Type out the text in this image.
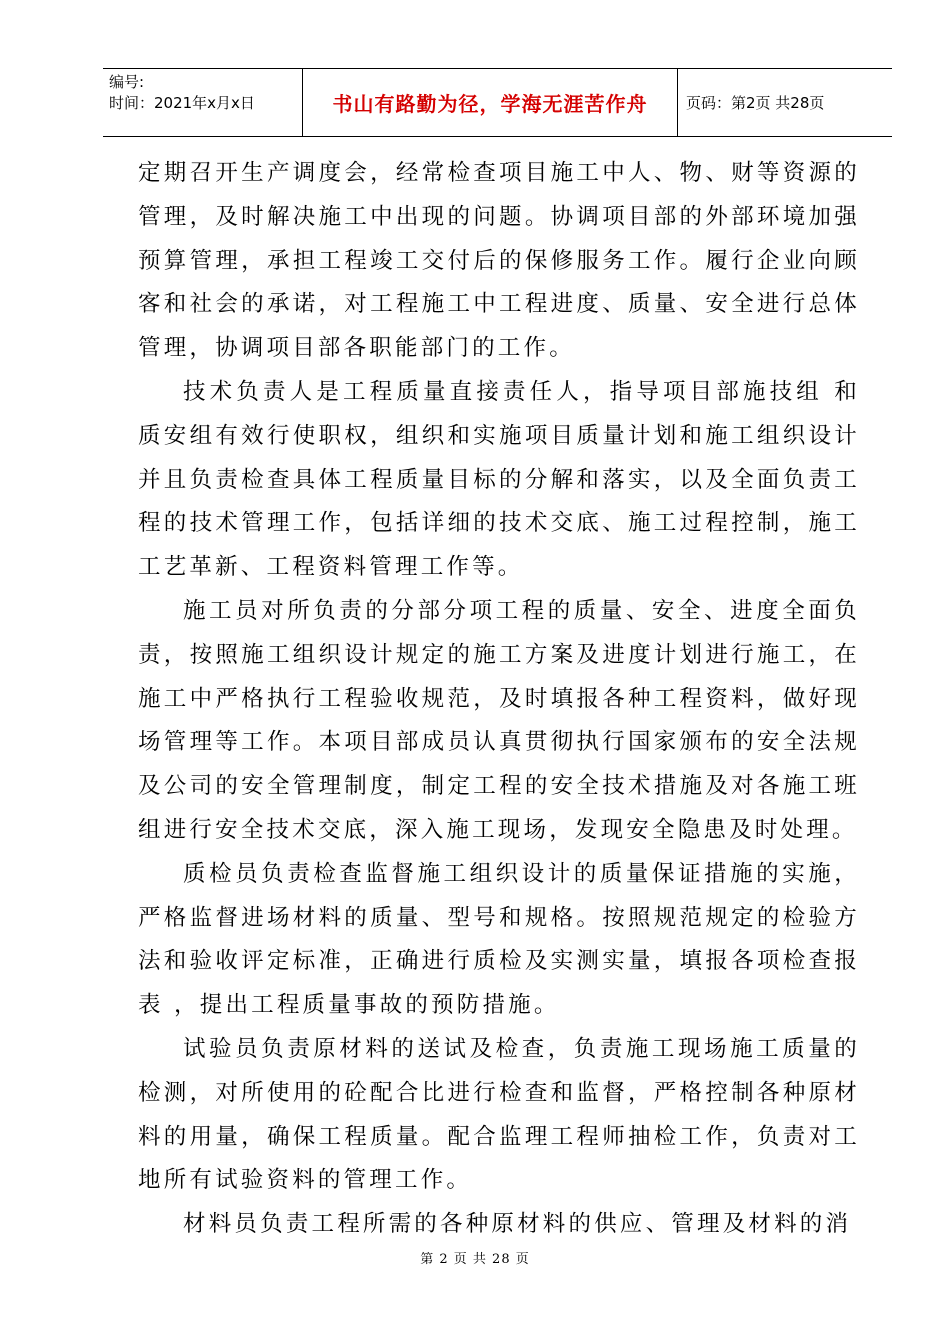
编号:
时间：2021年x月x日	书山有路勤为径，学海无涯苦作舟	页码：第2页 共28页

定期召开生产调度会，经常检查项目施工中人、物、财等资源的管理，及时解决施工中出现的问题。协调项目部的外部环境加强预算管理，承担工程竣工交付后的保修服务工作。履行企业向顾客和社会的承诺，对工程施工中工程进度、质量、安全进行总体管理，协调项目部各职能部门的工作。

技术负责人是工程质量直接责任人，指导项目部施技组 和质安组有效行使职权，组织和实施项目质量计划和施工组织设计并且负责检查具体工程质量目标的分解和落实，以及全面负责工程的技术管理工作，包括详细的技术交底、施工过程控制，施工工艺革新、工程资料管理工作等。

施工员对所负责的分部分项工程的质量、安全、进度全面负责，按照施工组织设计规定的施工方案及进度计划进行施工，在施工中严格执行工程验收规范，及时填报各种工程资料，做好现场管理等工作。本项目部成员认真贯彻执行国家颁布的安全法规及公司的安全管理制度，制定工程的安全技术措施及对各施工班组进行安全技术交底，深入施工现场，发现安全隐患及时处理。

质检员负责检查监督施工组织设计的质量保证措施的实施，严格监督进场材料的质量、型号和规格。按照规范规定的检验方法和验收评定标准，正确进行质检及实测实量，填报各项检查报表 ，提出工程质量事故的预防措施。

试验员负责原材料的送试及检查，负责施工现场施工质量的检测，对所使用的砼配合比进行检查和监督，严格控制各种原材料的用量，确保工程质量。配合监理工程师抽检工作，负责对工地所有试验资料的管理工作。

材料员负责工程所需的各种原材料的供应、管理及材料的消

第 2 页 共 28 页
